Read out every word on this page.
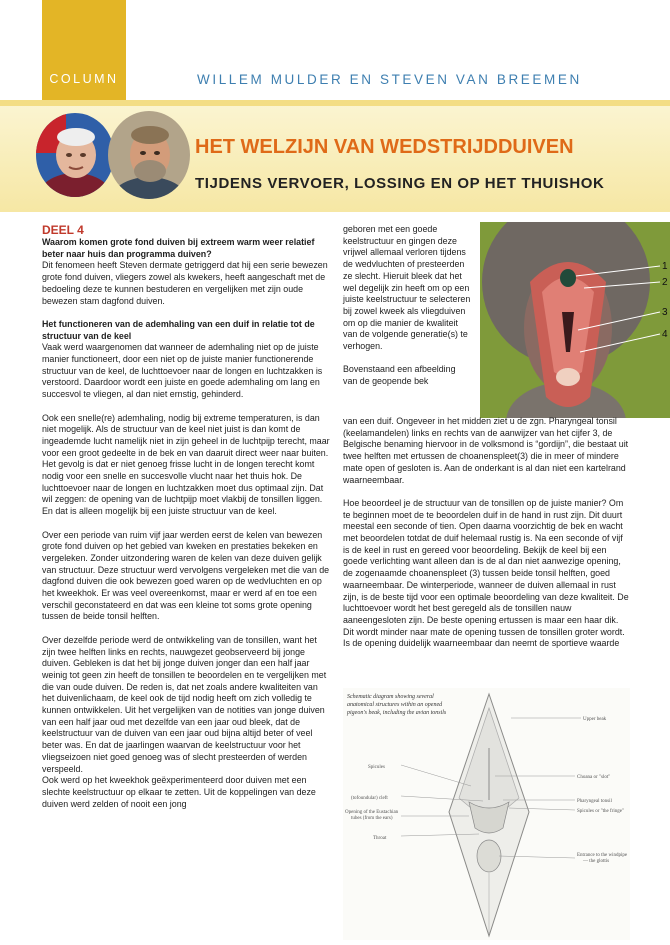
COLUMN	WILLEM MULDER EN STEVEN VAN BREEMEN
HET WELZIJN VAN WEDSTRIJDDUIVEN
TIJDENS VERVOER, LOSSING EN OP HET THUISHOK
DEEL 4

Waarom komen grote fond duiven bij extreem warm weer relatief beter naar huis dan programma duiven?

Dit fenomeen heeft Steven dermate getriggerd dat hij een serie bewezen grote fond duiven, vliegers zowel als kwekers, heeft aangeschaft met de bedoeling deze te kunnen bestuderen en vergelijken met zijn oude bewezen stam dagfond duiven.

Het functioneren van de ademhaling van een duif in relatie tot de structuur van de keel

Vaak werd waargenomen dat wanneer de ademhaling niet op de juiste manier functioneert, door een niet op de juiste manier functionerende structuur van de keel, de luchttoevoer naar de longen en luchtzakken is verstoord. Daardoor wordt een juiste en goede ademhaling om lang en succesvol te vliegen, al dan niet ernstig, gehinderd.

Ook een snelle(re) ademhaling, nodig bij extreme temperaturen, is dan niet mogelijk. Als de structuur van de keel niet juist is dan komt de ingeademde lucht namelijk niet in zijn geheel in de luchtpijp terecht, maar voor een groot gedeelte in de bek en van daaruit direct weer naar buiten. Het gevolg is dat er niet genoeg frisse lucht in de longen terecht komt nodig voor een snelle en succesvolle vlucht naar het thuis hok. De luchttoevoer naar de longen en luchtzakken moet dus optimaal zijn. Dat wil zeggen: de opening van de luchtpijp moet vlakbij de tonsillen liggen. En dat is alleen mogelijk bij een juiste structuur van de keel.

Over een periode van ruim vijf jaar werden eerst de kelen van bewezen grote fond duiven op het gebied van kweken en prestaties bekeken en vergeleken. Zonder uitzondering waren de kelen van deze duiven gelijk van structuur. Deze structuur werd vervolgens vergeleken met die van de dagfond duiven die ook bewezen goed waren op de wedvluchten en op het kweekhok. Er was veel overeenkomst, maar er werd af en toe een verschil geconstateerd en dat was een kleine tot soms grote opening tussen de beide tonsil helften.

Over dezelfde periode werd de ontwikkeling van de tonsillen, want het zijn twee helften links en rechts, nauwgezet geobserveerd bij jonge duiven. Gebleken is dat het bij jonge duiven jonger dan een half jaar weinig tot geen zin heeft de tonsillen te beoordelen en te vergelijken met die van oude duiven. De reden is, dat net zoals andere kwaliteiten van het duivenlichaam, de keel ook de tijd nodig heeft om zich volledig te kunnen ontwikkelen. Uit het vergelijken van de notities van jonge duiven van een half jaar oud met dezelfde van een jaar oud bleek, dat de keelstructuur van de duiven van een jaar oud bijna altijd beter of veel beter was. En dat de jaarlingen waarvan de keelstructuur voor het vliegseizoen niet goed genoeg was of slecht presteerden of werden verspeeld.

Ook werd op het kweekhok geëxperimenteerd door duiven met een slechte keelstructuur op elkaar te zetten. Uit de koppelingen van deze duiven werd zelden of nooit een jong

geboren met een goede keelstructuur en gingen deze vrijwel allemaal verloren tijdens de wedvluchten of presteerden ze slecht. Hieruit bleek dat het wel degelijk zin heeft om op een juiste keelstructuur te selecteren bij zowel kweek als vliegduiven om op die manier de kwaliteit van de volgende generatie(s) te verhogen.

Bovenstaand een afbeelding van de geopende bek

1
2
3
4

van een duif. Ongeveer in het midden ziet u de zgn. Pharyngeal tonsil (keelamandelen) links en rechts van de aanwijzer van het cijfer 3, de Belgische benaming hiervoor in de volksmond is “gordijn”, die bestaat uit twee helften met ertussen de choanenspleet(3) die in meer of mindere mate open of gesloten is. Aan de onderkant is al dan niet een kartelrand waarneembaar.

Hoe beoordeel je de structuur van de tonsillen op de juiste manier? Om te beginnen moet de te beoordelen duif in de hand in rust zijn. Dit duurt meestal een seconde of tien. Open daarna voorzichtig de bek en wacht met beoordelen totdat de duif helemaal rustig is. Na een seconde of vijf is de keel in rust en gereed voor beoordeling. Bekijk de keel bij een goede verlichting want alleen dan is de al dan niet aanwezige opening, de zogenaamde choanenspleet (3) tussen beide tonsil helften, goed waarneembaar. De winterperiode, wanneer de duiven allemaal in rust zijn, is de beste tijd voor een optimale beoordeling van deze kwaliteit. De luchttoevoer wordt het best geregeld als de tonsillen nauw aaneengesloten zijn. De beste opening ertussen is maar een haar dik. Dit wordt minder naar mate de opening tussen de tonsillen groter wordt. Is de opening duidelijk waarneembaar dan neemt de sportieve waarde

Schematic diagram showing several anatomical structures within an opened pigeon's beak, including the avian tonsils
Spicules
(tofoundular) cleft
Opening of the Eustachian tubes (from the ears)
Throat
Upper beak
Choana or "slot"
Pharyngeal tonsil
Spicules or "the fringe"
Entrance to the windpipe — the glottis
